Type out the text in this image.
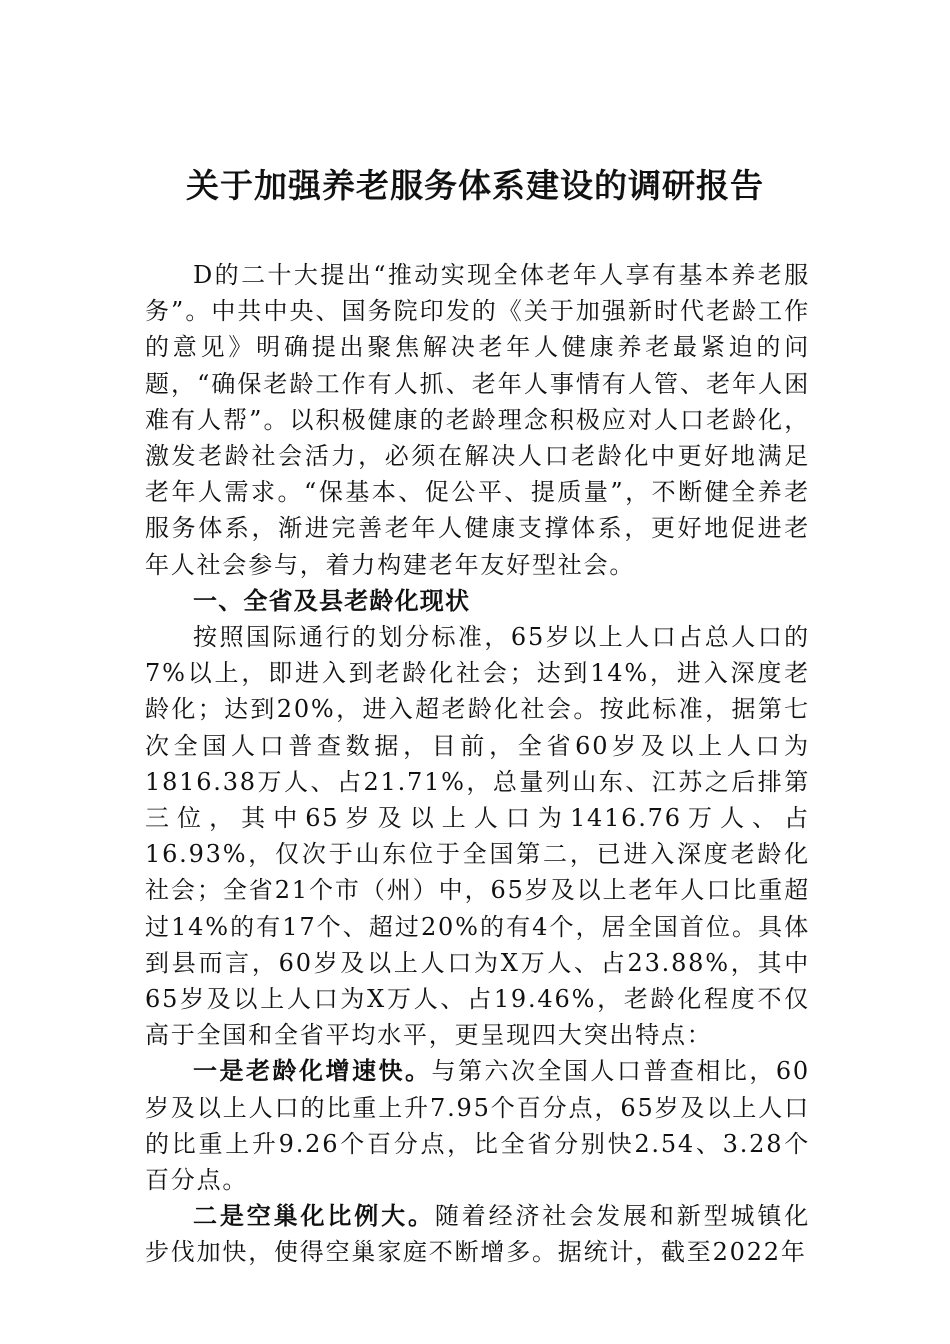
关于加强养老服务体系建设的调研报告

D的二十大提出“推动实现全体老年人享有基本养老服务”。中共中央、国务院印发的《关于加强新时代老龄工作的意见》明确提出聚焦解决老年人健康养老最紧迫的问题，“确保老龄工作有人抓、老年人事情有人管、老年人困难有人帮”。以积极健康的老龄理念积极应对人口老龄化，激发老龄社会活力，必须在解决人口老龄化中更好地满足老年人需求。“保基本、促公平、提质量”，不断健全养老服务体系，渐进完善老年人健康支撑体系，更好地促进老年人社会参与，着力构建老年友好型社会。

一、全省及县老龄化现状

按照国际通行的划分标准，65岁以上人口占总人口的7%以上，即进入到老龄化社会；达到14%，进入深度老龄化；达到20%，进入超老龄化社会。按此标准，据第七次全国人口普查数据，目前，全省60岁及以上人口为1816.38万人、占21.71%，总量列山东、江苏之后排第三位，其中65岁及以上人口为1416.76万人、占16.93%，仅次于山东位于全国第二，已进入深度老龄化社会；全省21个市（州）中，65岁及以上老年人口比重超过14%的有17个、超过20%的有4个，居全国首位。具体到县而言，60岁及以上人口为X万人、占23.88%，其中65岁及以上人口为X万人、占19.46%，老龄化程度不仅高于全国和全省平均水平，更呈现四大突出特点：

一是老龄化增速快。与第六次全国人口普查相比，60岁及以上人口的比重上升7.95个百分点，65岁及以上人口的比重上升9.26个百分点，比全省分别快2.54、3.28个百分点。

二是空巢化比例大。随着经济社会发展和新型城镇化步伐加快，使得空巢家庭不断增多。据统计，截至2022年
